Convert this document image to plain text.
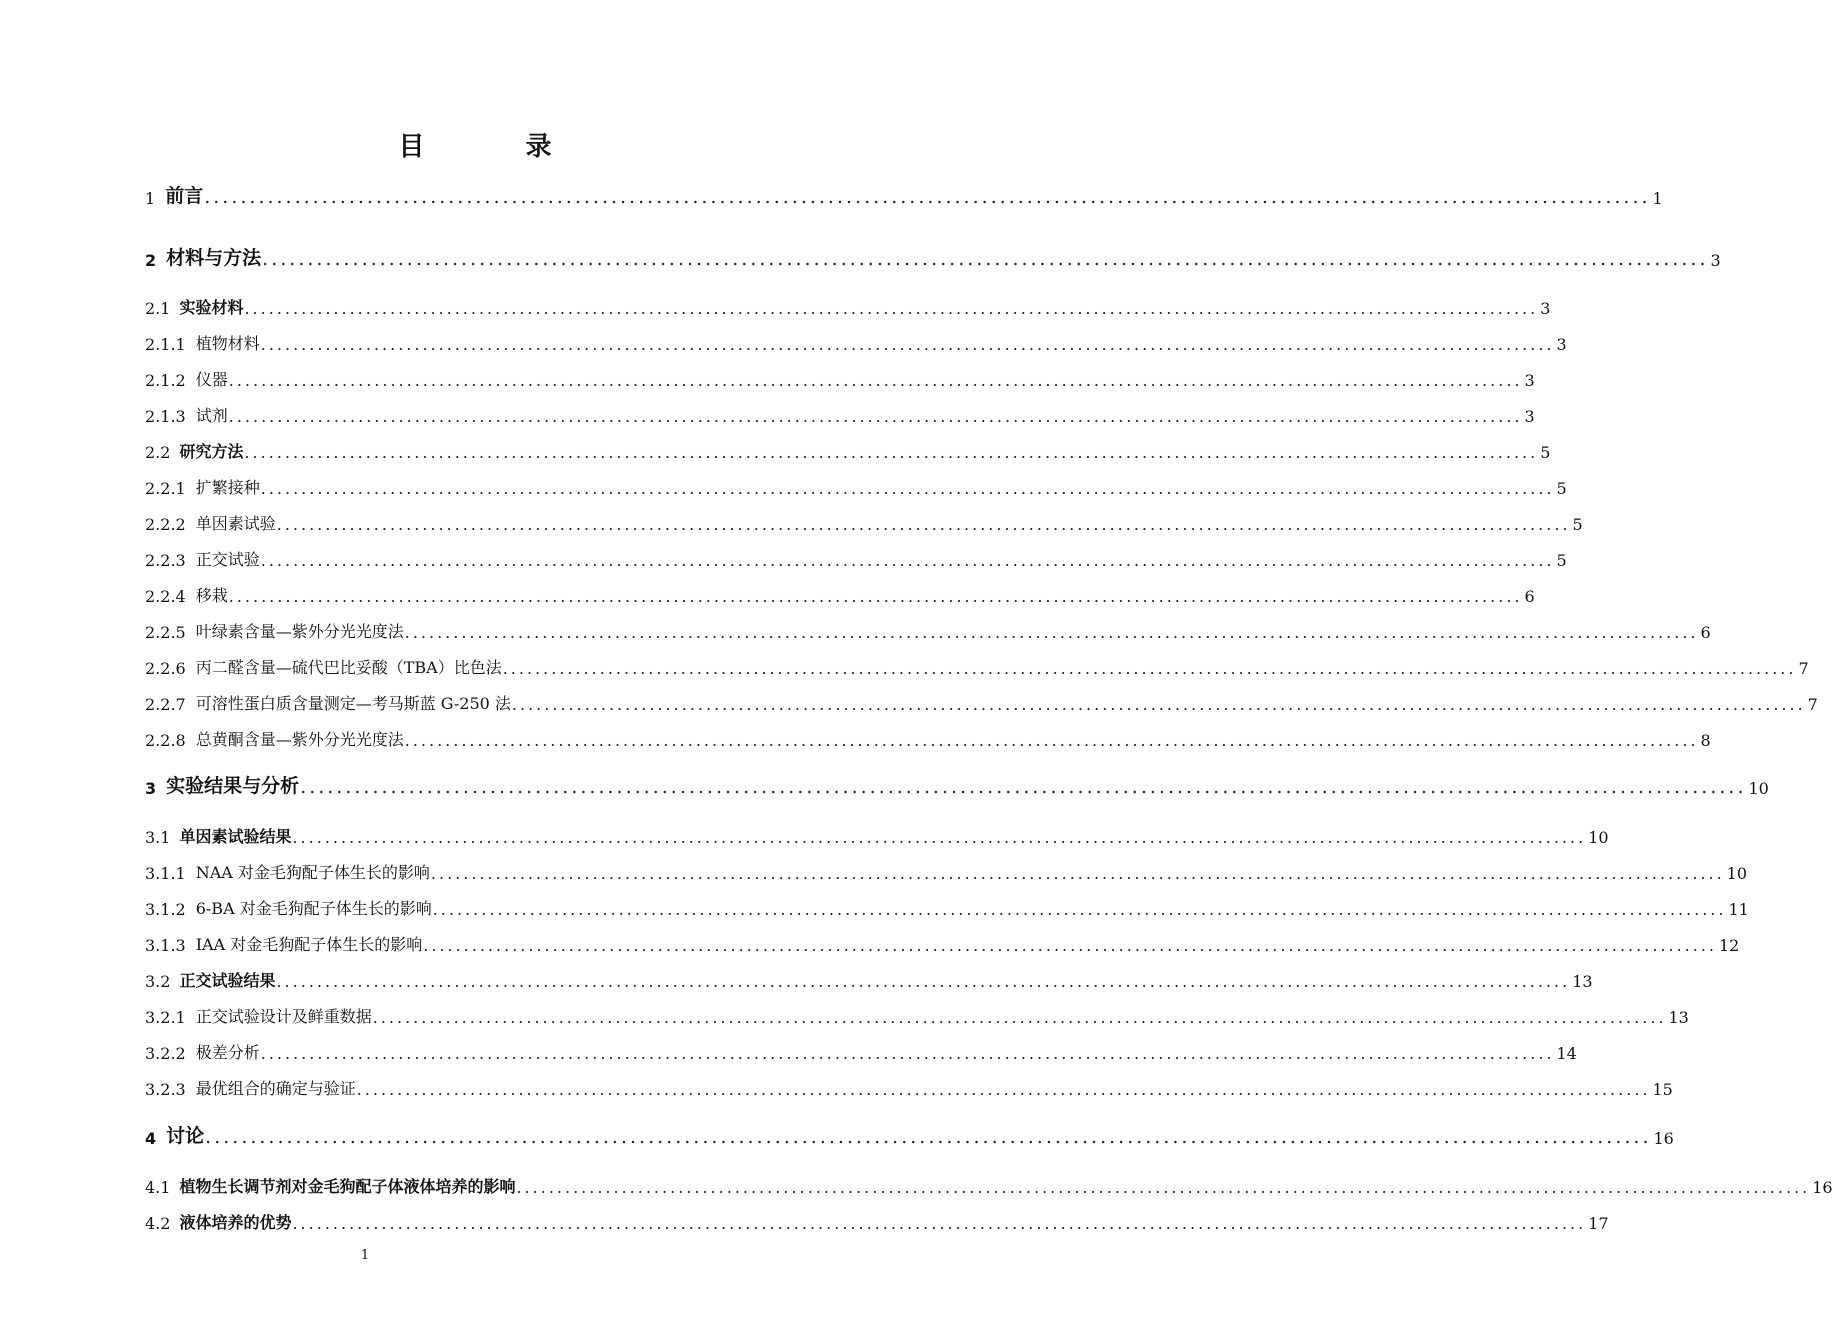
目 录
1 前言 ................................................................................................................................................................ 1
2 材料与方法 ................................................................................................................................................................ 3
2.1 实验材料 ................................................................................................................................................................ 3
2.1.1 植物材料 ................................................................................................................................................................ 3
2.1.2 仪器 ................................................................................................................................................................ 3
2.1.3 试剂 ................................................................................................................................................................ 3
2.2 研究方法 ................................................................................................................................................................ 5
2.2.1 扩繁接种 ................................................................................................................................................................ 5
2.2.2 单因素试验 ................................................................................................................................................................ 5
2.2.3 正交试验 ................................................................................................................................................................ 5
2.2.4 移栽 ................................................................................................................................................................ 6
2.2.5 叶绿素含量—紫外分光光度法 ................................................................................................................................................................ 6
2.2.6 丙二醛含量—硫代巴比妥酸（TBA）比色法 ................................................................................................................................................................ 7
2.2.7 可溶性蛋白质含量测定—考马斯蓝 G-250 法 ................................................................................................................................................................ 7
2.2.8 总黄酮含量—紫外分光光度法 ................................................................................................................................................................ 8
3 实验结果与分析 ................................................................................................................................................................ 10
3.1 单因素试验结果 ................................................................................................................................................................ 10
3.1.1 NAA 对金毛狗配子体生长的影响 ................................................................................................................................................................ 10
3.1.2 6-BA 对金毛狗配子体生长的影响 ................................................................................................................................................................ 11
3.1.3 IAA 对金毛狗配子体生长的影响 ................................................................................................................................................................ 12
3.2 正交试验结果 ................................................................................................................................................................ 13
3.2.1 正交试验设计及鲜重数据 ................................................................................................................................................................ 13
3.2.2 极差分析 ................................................................................................................................................................ 14
3.2.3 最优组合的确定与验证 ................................................................................................................................................................ 15
4 讨论 ................................................................................................................................................................ 16
4.1 植物生长调节剂对金毛狗配子体液体培养的影响 ................................................................................................................................................................ 16
4.2 液体培养的优势 ................................................................................................................................................................ 17
1
